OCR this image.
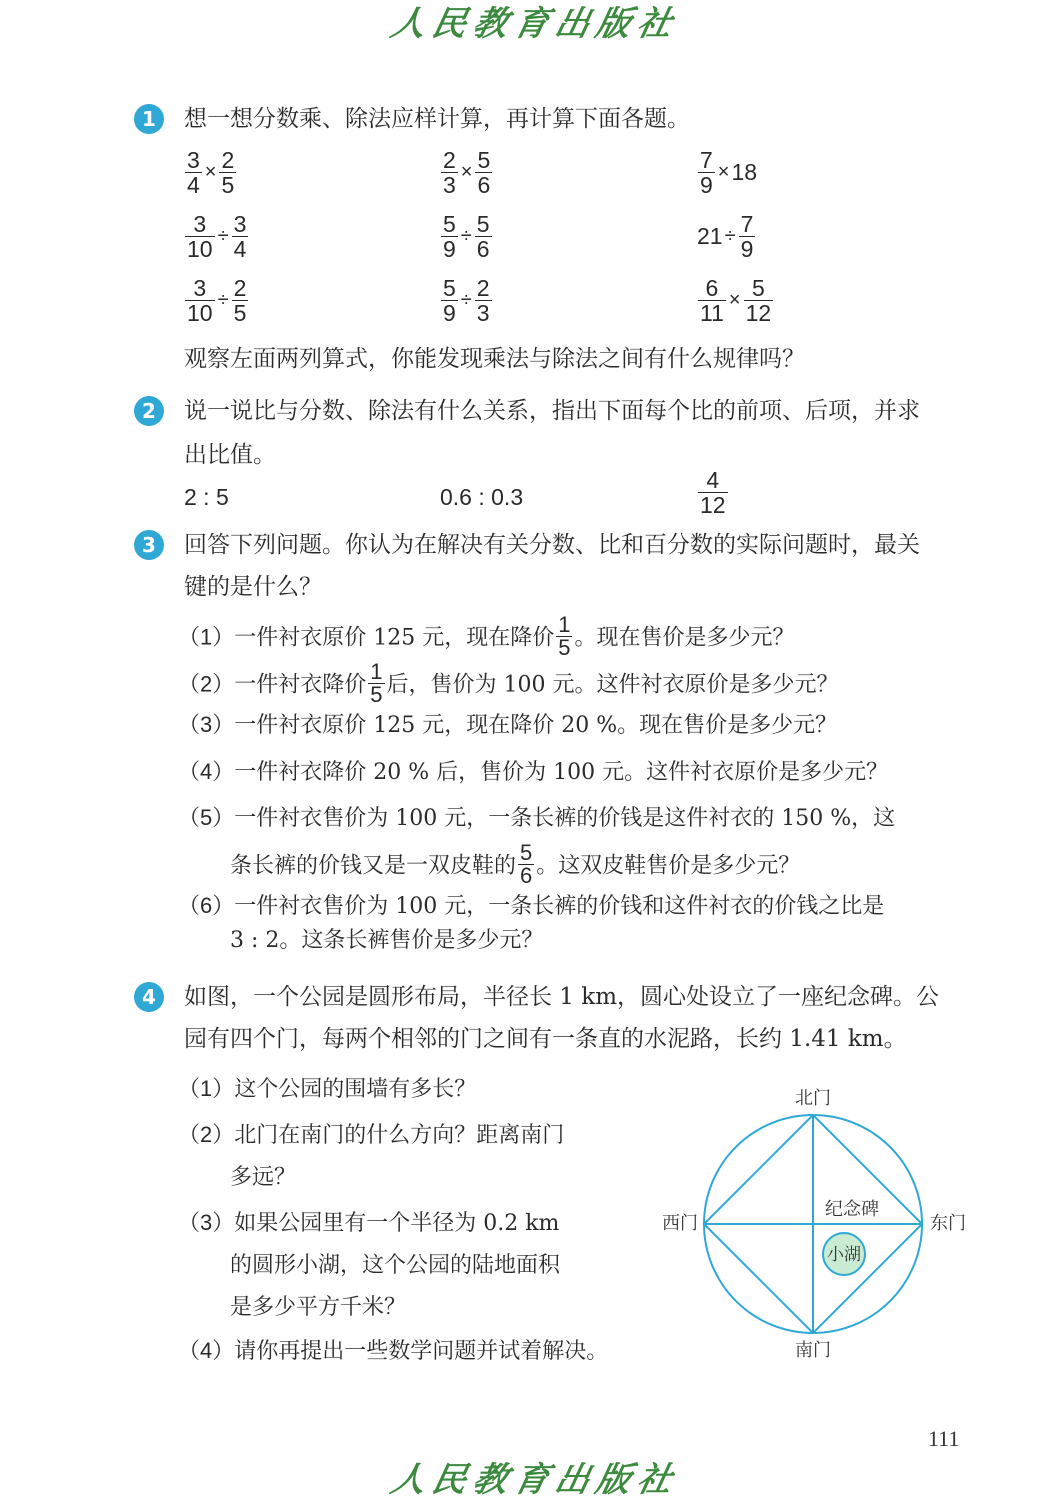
人民教育出版社
1	想一想分数乘、除法应样计算，再计算下面各题。
$\frac{3}{4} \times \frac{2}{5}$	$\frac{2}{3} \times \frac{5}{6}$	$\frac{7}{9} \times 18$
$\frac{3}{10} \div \frac{3}{4}$	$\frac{5}{9} \div \frac{5}{6}$	$21 \div \frac{7}{9}$
$\frac{3}{10} \div \frac{2}{5}$	$\frac{5}{9} \div \frac{2}{3}$	$\frac{6}{11} \times \frac{5}{12}$
观察左面两列算式，你能发现乘法与除法之间有什么规律吗？
2	说一说比与分数、除法有什么关系，指出下面每个比的前项、后项，并求
出比值。
2 : 5	0.6 : 0.3	$\frac{4}{12}$
3	回答下列问题。你认为在解决有关分数、比和百分数的实际问题时，最关
键的是什么？
（1）一件衬衣原价 125 元，现在降价 $\frac{1}{5}$ 。现在售价是多少元？
（2）一件衬衣降价 $\frac{1}{5}$ 后，售价为 100 元。这件衬衣原价是多少元？
（3）一件衬衣原价 125 元，现在降价 20 %。现在售价是多少元？
（4）一件衬衣降价 20 % 后，售价为 100 元。这件衬衣原价是多少元？
（5）一件衬衣售价为 100 元，一条长裤的价钱是这件衬衣的 150 %，这
条长裤的价钱又是一双皮鞋的 $\frac{5}{6}$ 。这双皮鞋售价是多少元？
（6）一件衬衣售价为 100 元，一条长裤的价钱和这件衬衣的价钱之比是
3 : 2。这条长裤售价是多少元？
4	如图，一个公园是圆形布局，半径长 1 km，圆心处设立了一座纪念碑。公
园有四个门，每两个相邻的门之间有一条直的水泥路，长约 1.41 km。
（1）这个公园的围墙有多长？
（2）北门在南门的什么方向？距离南门
多远？
（3）如果公园里有一个半径为 0.2 km
的圆形小湖，这个公园的陆地面积
是多少平方千米？
（4）请你再提出一些数学问题并试着解决。
北门
南门
东门
西门
纪念碑
小湖
111
人民教育出版社
